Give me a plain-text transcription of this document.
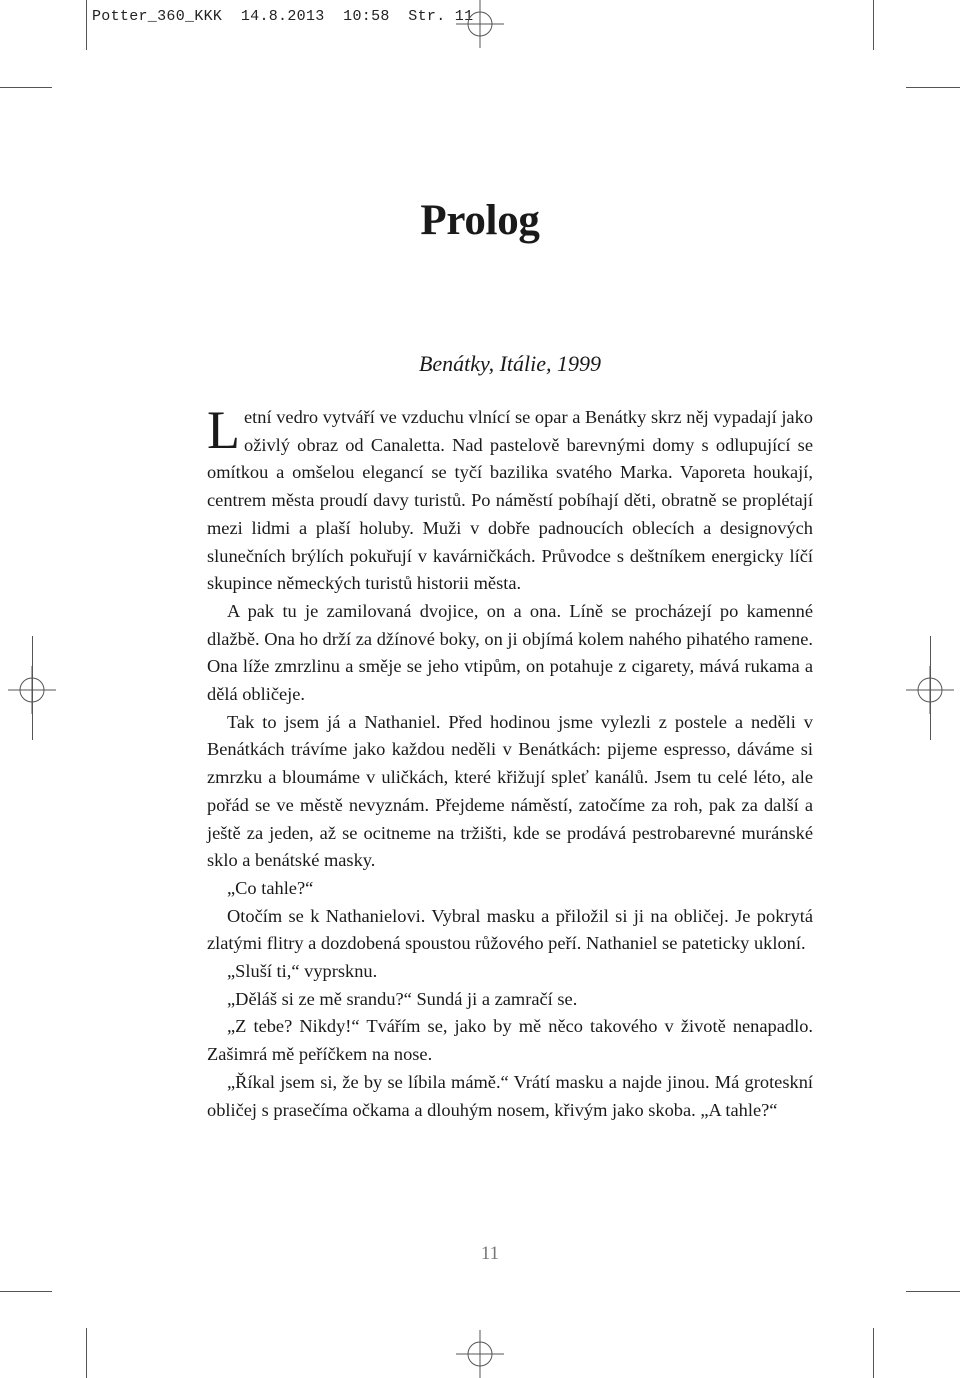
Potter_360_KKK 14.8.2013 10:58 Str. 11
Prolog
Benátky, Itálie, 1999

Letní vedro vytváří ve vzduchu vlnící se opar a Benátky skrz něj vypadají jako oživlý obraz od Canaletta. Nad pastelově barevnými domy s odlupující se omítkou a omšelou elegancí se tyčí bazilika svatého Marka. Vaporeta houkají, centrem města proudí davy turistů. Po náměstí pobíhají děti, obratně se proplétají mezi lidmi a plaší holuby. Muži v dobře padnoucích oblecích a designových slunečních brýlích pokuřují v kavárničkách. Průvodce s deštníkem energicky líčí skupince německých turistů historii města.

A pak tu je zamilovaná dvojice, on a ona. Líně se procházejí po kamenné dlažbě. Ona ho drží za džínové boky, on ji objímá kolem nahého pihatého ramene. Ona líže zmrzlinu a směje se jeho vtipům, on potahuje z cigarety, mává rukama a dělá obličeje.

Tak to jsem já a Nathaniel. Před hodinou jsme vylezli z postele a neděli v Benátkách trávíme jako každou neděli v Benátkách: pijeme espresso, dáváme si zmrzku a bloumáme v uličkách, které křižují spleť kanálů. Jsem tu celé léto, ale pořád se ve městě nevyznám. Přejdeme náměstí, zatočíme za roh, pak za další a ještě za jeden, až se ocitneme na tržišti, kde se prodává pestrobarevné muránské sklo a benátské masky.

„Co tahle?“

Otočím se k Nathanielovi. Vybral masku a přiložil si ji na obličej. Je pokrytá zlatými flitry a dozdobená spoustou růžového peří. Nathaniel se pateticky ukloní.

„Sluší ti,“ vyprsknu.

„Děláš si ze mě srandu?“ Sundá ji a zamračí se.

„Z tebe? Nikdy!“ Tvářím se, jako by mě něco takového v životě nenapadlo. Zašimrá mě peříčkem na nose.

„Říkal jsem si, že by se líbila mámě.“ Vrátí masku a najde jinou. Má groteskní obličej s prasečíma očkama a dlouhým nosem, křivým jako skoba. „A tahle?“

11
